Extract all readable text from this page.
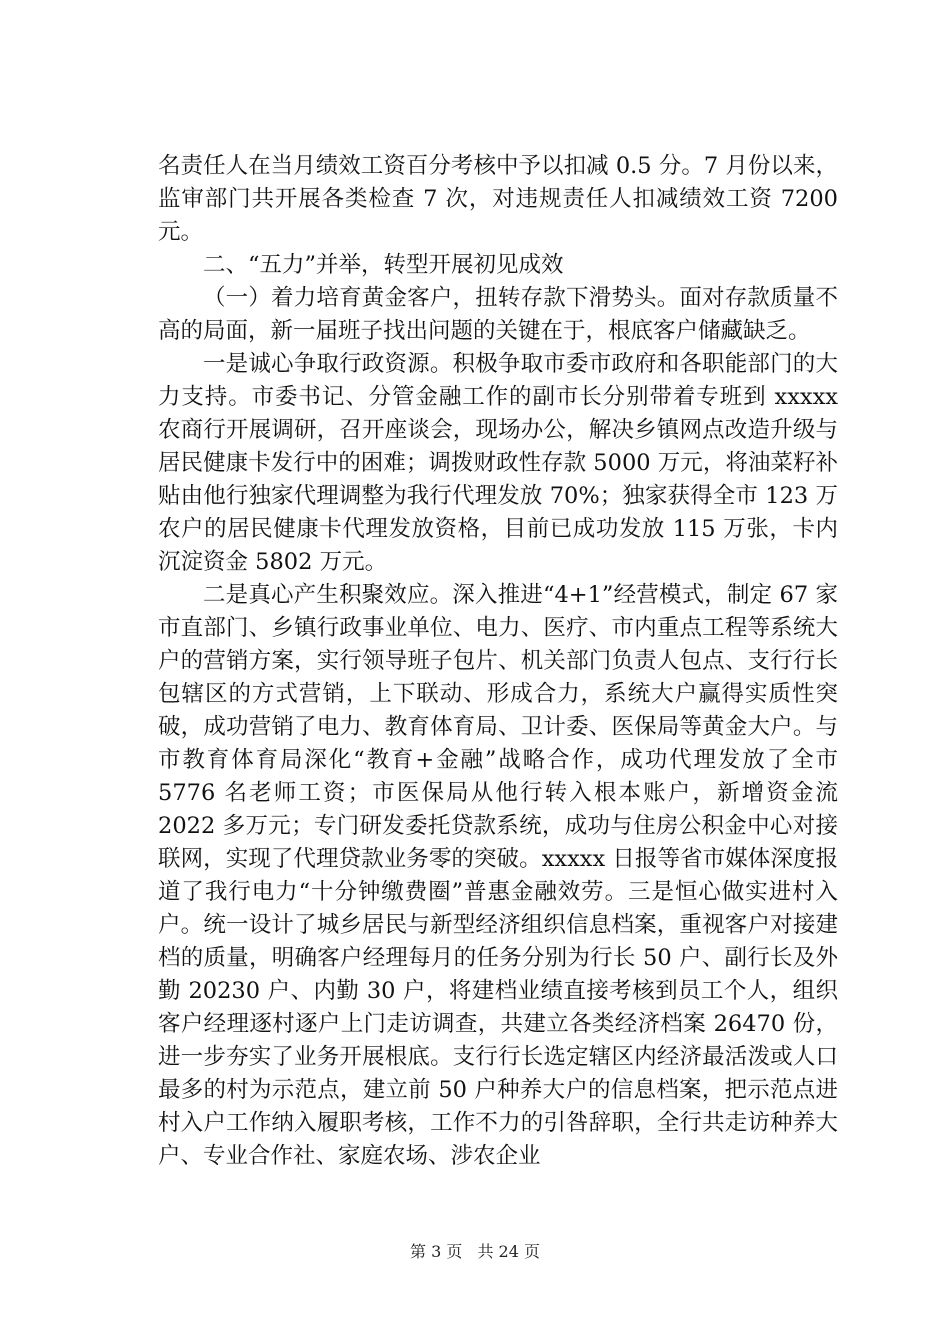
名责任人在当月绩效工资百分考核中予以扣减 0.5 分。7 月份以来，监审部门共开展各类检查 7 次，对违规责任人扣减绩效工资 7200 元。

二、“五力”并举，转型开展初见成效

（一）着力培育黄金客户，扭转存款下滑势头。面对存款质量不高的局面，新一届班子找出问题的关键在于，根底客户储藏缺乏。

一是诚心争取行政资源。积极争取市委市政府和各职能部门的大力支持。市委书记、分管金融工作的副市长分别带着专班到 xxxxx 农商行开展调研，召开座谈会，现场办公，解决乡镇网点改造升级与居民健康卡发行中的困难；调拨财政性存款 5000 万元，将油菜籽补贴由他行独家代理调整为我行代理发放 70%；独家获得全市 123 万农户的居民健康卡代理发放资格，目前已成功发放 115 万张，卡内沉淀资金 5802 万元。

二是真心产生积聚效应。深入推进“4+1”经营模式，制定 67 家市直部门、乡镇行政事业单位、电力、医疗、市内重点工程等系统大户的营销方案，实行领导班子包片、机关部门负责人包点、支行行长包辖区的方式营销，上下联动、形成合力，系统大户赢得实质性突破，成功营销了电力、教育体育局、卫计委、医保局等黄金大户。与市教育体育局深化“教育+金融”战略合作，成功代理发放了全市 5776 名老师工资；市医保局从他行转入根本账户，新增资金流 2022 多万元；专门研发委托贷款系统，成功与住房公积金中心对接联网，实现了代理贷款业务零的突破。xxxxx 日报等省市媒体深度报道了我行电力“十分钟缴费圈”普惠金融效劳。三是恒心做实进村入户。统一设计了城乡居民与新型经济组织信息档案，重视客户对接建档的质量，明确客户经理每月的任务分别为行长 50 户、副行长及外勤 20230 户、内勤 30 户，将建档业绩直接考核到员工个人，组织客户经理逐村逐户上门走访调查，共建立各类经济档案 26470 份，进一步夯实了业务开展根底。支行行长选定辖区内经济最活泼或人口最多的村为示范点，建立前 50 户种养大户的信息档案，把示范点进村入户工作纳入履职考核，工作不力的引咎辞职，全行共走访种养大户、专业合作社、家庭农场、涉农企业

第 3 页 共 24 页
